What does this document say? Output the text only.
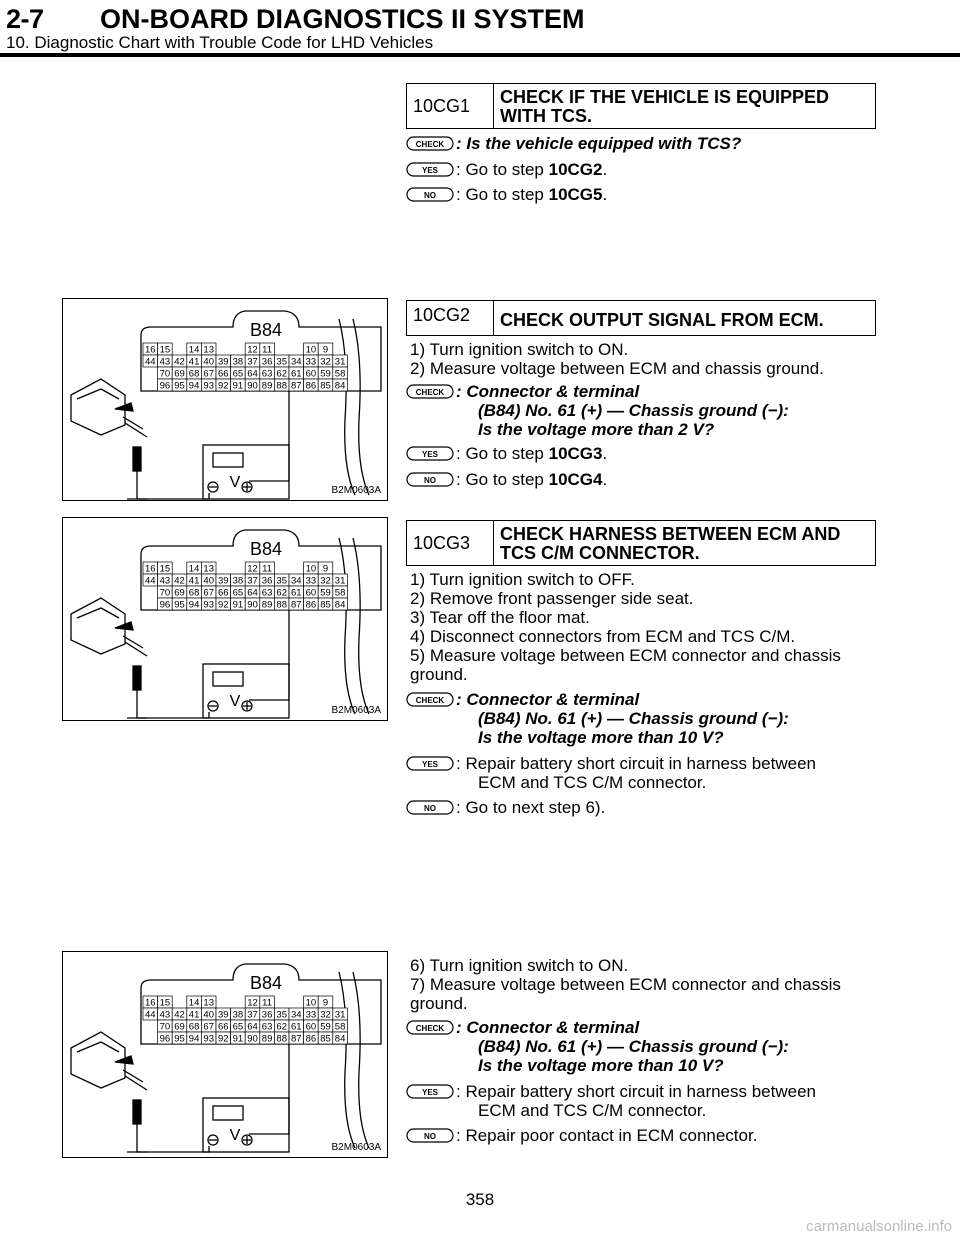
2-7 ON-BOARD DIAGNOSTICS II SYSTEM
10. Diagnostic Chart with Trouble Code for LHD Vehicles
10CG1	CHECK IF THE VEHICLE IS EQUIPPED WITH TCS.
CHECK : Is the vehicle equipped with TCS?
YES : Go to step 10CG2.
NO : Go to step 10CG5.
B84
16 15 14 13	12 11	10 9
44 43 42 41 40 39 38 37 36 35 34 33 32 31
70 69 68 67 66 65 64 63 62 61 60 59 58
96 95 94 93 92 91 90 89 88 87 86 85 84
V	B2M0603A
10CG2	CHECK OUTPUT SIGNAL FROM ECM.
1) Turn ignition switch to ON.
2) Measure voltage between ECM and chassis ground.
CHECK : Connector & terminal
(B84) No. 61 (+) — Chassis ground (−):
Is the voltage more than 2 V?
YES : Go to step 10CG3.
NO : Go to step 10CG4.
B84
16 15 14 13	12 11	10 9
44 43 42 41 40 39 38 37 36 35 34 33 32 31
70 69 68 67 66 65 64 63 62 61 60 59 58
96 95 94 93 92 91 90 89 88 87 86 85 84
V
B2M0603A
10CG3	CHECK HARNESS BETWEEN ECM AND TCS C/M CONNECTOR.
1) Turn ignition switch to OFF.
2) Remove front passenger side seat.
3) Tear off the floor mat.
4) Disconnect connectors from ECM and TCS C/M.
5) Measure voltage between ECM connector and chassis
ground.
CHECK : Connector & terminal
(B84) No. 61 (+) — Chassis ground (−):
Is the voltage more than 10 V?
YES : Repair battery short circuit in harness between
ECM and TCS C/M connector.
NO : Go to next step 6).
B84
16 15 14 13	12 11	10 9
44 43 42 41 40 39 38 37 36 35 34 33 32 31
70 69 68 67 66 65 64 63 62 61 60 59 58
96 95 94 93 92 91 90 89 88 87 86 85 84
V
B2M0603A
6) Turn ignition switch to ON.
7) Measure voltage between ECM connector and chassis
ground.
CHECK : Connector & terminal
(B84) No. 61 (+) — Chassis ground (−):
Is the voltage more than 10 V?
YES : Repair battery short circuit in harness between
ECM and TCS C/M connector.
NO : Repair poor contact in ECM connector.
358
carmanualsonline.info
